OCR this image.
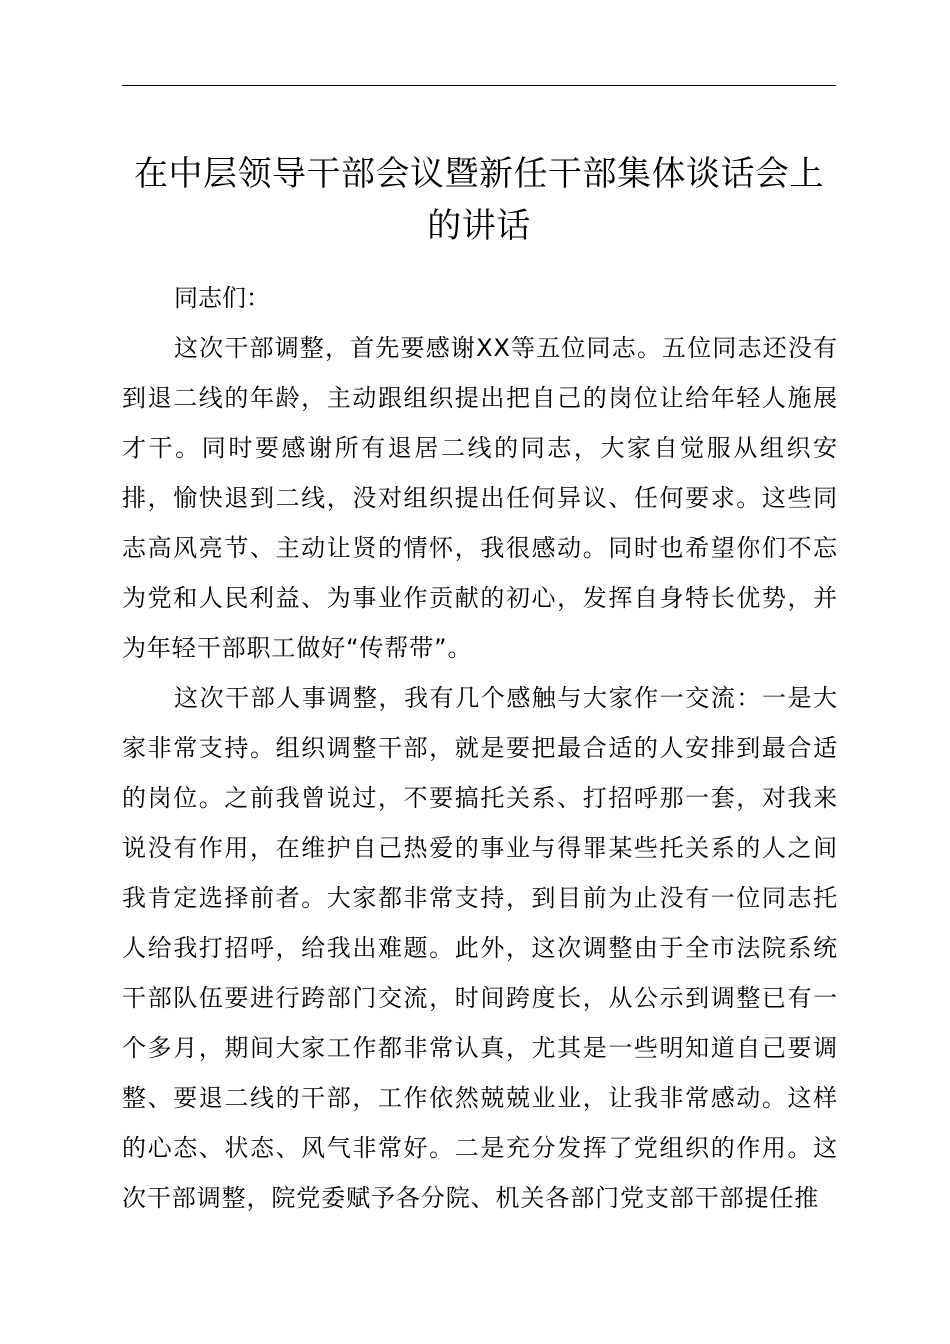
在中层领导干部会议暨新任干部集体谈话会上的讲话

同志们：

这次干部调整，首先要感谢XX等五位同志。五位同志还没有到退二线的年龄，主动跟组织提出把自己的岗位让给年轻人施展才干。同时要感谢所有退居二线的同志，大家自觉服从组织安排，愉快退到二线，没对组织提出任何异议、任何要求。这些同志高风亮节、主动让贤的情怀，我很感动。同时也希望你们不忘为党和人民利益、为事业作贡献的初心，发挥自身特长优势，并为年轻干部职工做好“传帮带”。

这次干部人事调整，我有几个感触与大家作一交流：一是大家非常支持。组织调整干部，就是要把最合适的人安排到最合适的岗位。之前我曾说过，不要搞托关系、打招呼那一套，对我来说没有作用，在维护自己热爱的事业与得罪某些托关系的人之间我肯定选择前者。大家都非常支持，到目前为止没有一位同志托人给我打招呼，给我出难题。此外，这次调整由于全市法院系统干部队伍要进行跨部门交流，时间跨度长，从公示到调整已有一个多月，期间大家工作都非常认真，尤其是一些明知道自己要调整、要退二线的干部，工作依然兢兢业业，让我非常感动。这样的心态、状态、风气非常好。二是充分发挥了党组织的作用。这次干部调整，院党委赋予各分院、机关各部门党支部干部提任推
